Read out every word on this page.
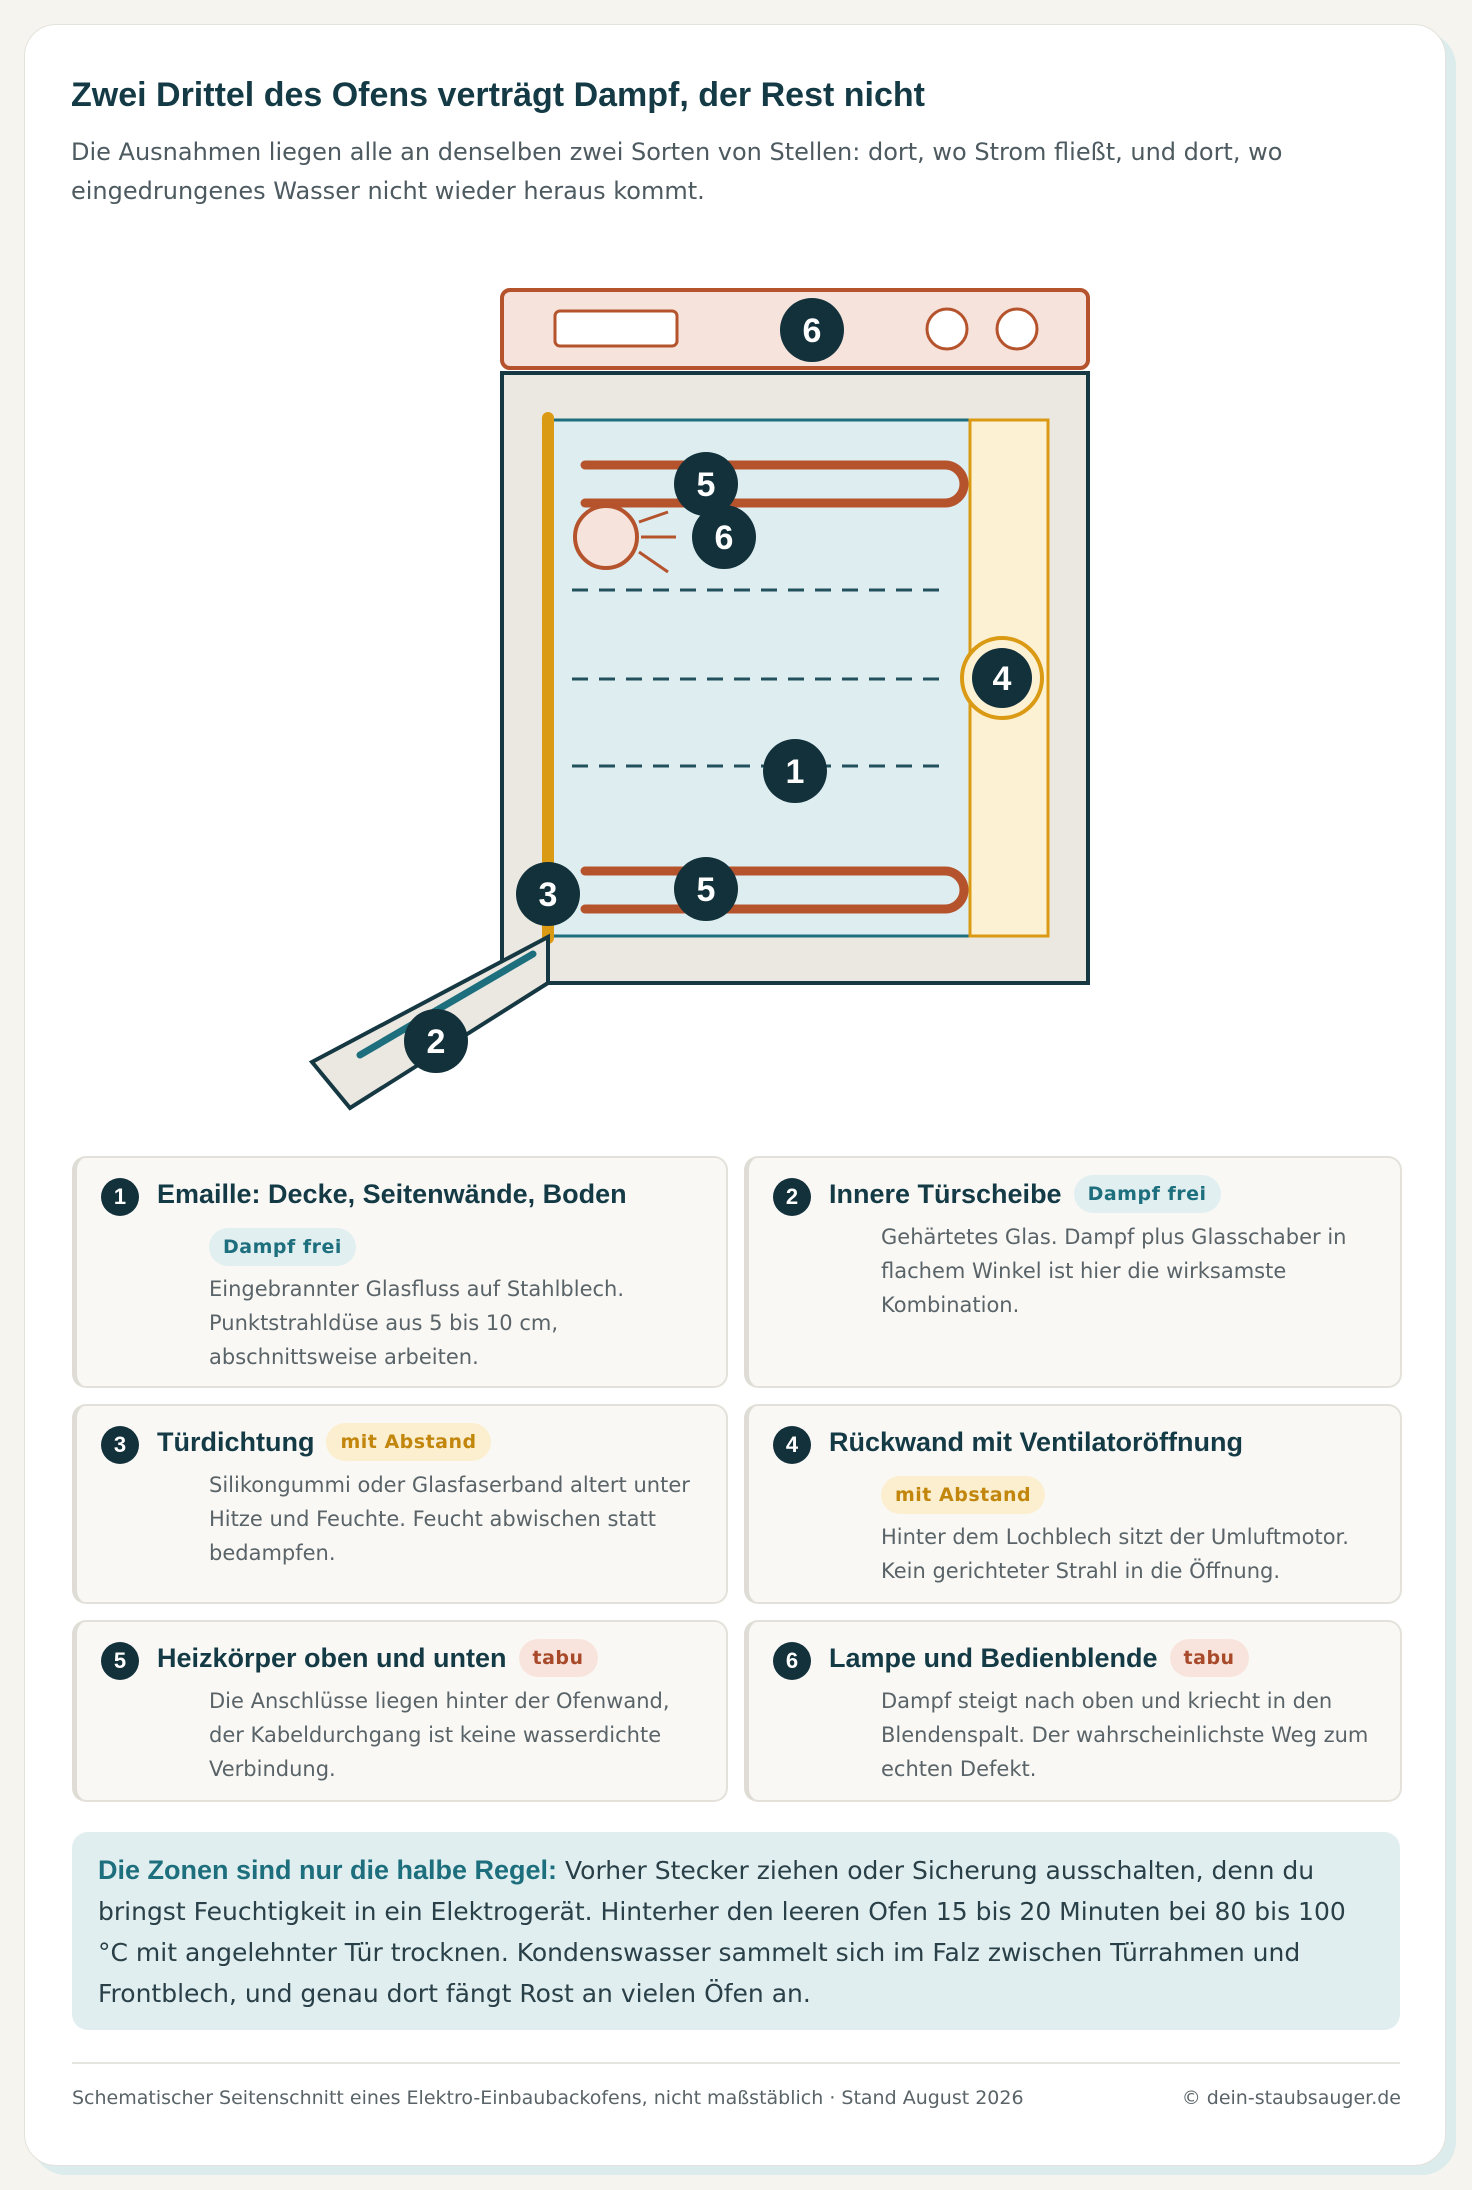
Zwei Drittel des Ofens verträgt Dampf, der Rest nicht

Die Ausnahmen liegen alle an denselben zwei Sorten von Stellen: dort, wo Strom fließt, und dort, wo eingedrungenes Wasser nicht wieder heraus kommt.

6
5
6
4
1
5
3
2
1	Emaille: Decke, Seitenwände, Boden
Dampf frei

Eingebrannter Glasfluss auf Stahlblech. Punktstrahldüse aus 5 bis 10 cm, abschnittsweise arbeiten.

2	Innere Türscheibe	Dampf frei

Gehärtetes Glas. Dampf plus Glasschaber in flachem Winkel ist hier die wirksamste Kombination.

3	Türdichtung	mit Abstand

Silikongummi oder Glasfaserband altert unter Hitze und Feuchte. Feucht abwischen statt bedampfen.

4	Rückwand mit Ventilatoröffnung
mit Abstand

Hinter dem Lochblech sitzt der Umluftmotor. Kein gerichteter Strahl in die Öffnung.

5	Heizkörper oben und unten	tabu

Die Anschlüsse liegen hinter der Ofenwand, der Kabeldurchgang ist keine wasserdichte Verbindung.

6	Lampe und Bedienblende	tabu

Dampf steigt nach oben und kriecht in den Blendenspalt. Der wahrscheinlichste Weg zum echten Defekt.

Die Zonen sind nur die halbe Regel: Vorher Stecker ziehen oder Sicherung ausschalten, denn du bringst Feuchtigkeit in ein Elektrogerät. Hinterher den leeren Ofen 15 bis 20 Minuten bei 80 bis 100 °C mit angelehnter Tür trocknen. Kondenswasser sammelt sich im Falz zwischen Türrahmen und Frontblech, und genau dort fängt Rost an vielen Öfen an.

Schematischer Seitenschnitt eines Elektro-Einbaubackofens, nicht maßstäblich · Stand August 2026	© dein-staubsauger.de
